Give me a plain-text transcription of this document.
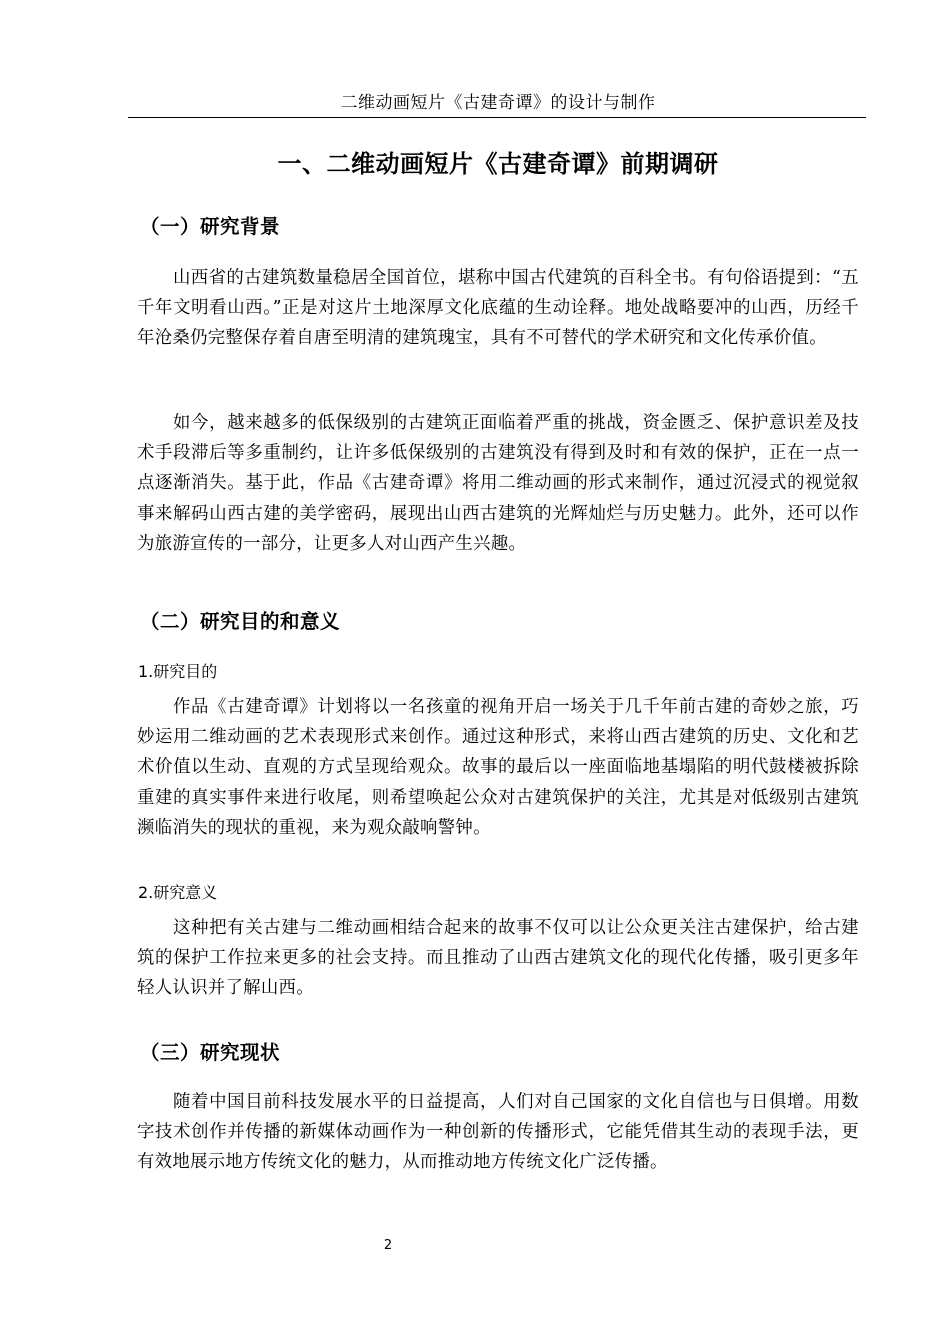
二维动画短片《古建奇谭》的设计与制作
一、二维动画短片《古建奇谭》前期调研
（一）研究背景

山西省的古建筑数量稳居全国首位，堪称中国古代建筑的百科全书。有句俗语提到：“五千年文明看山西。”正是对这片土地深厚文化底蕴的生动诠释。地处战略要冲的山西，历经千年沧桑仍完整保存着自唐至明清的建筑瑰宝，具有不可替代的学术研究和文化传承价值。

如今，越来越多的低保级别的古建筑正面临着严重的挑战，资金匮乏、保护意识差及技术手段滞后等多重制约，让许多低保级别的古建筑没有得到及时和有效的保护，正在一点一点逐渐消失。基于此，作品《古建奇谭》将用二维动画的形式来制作，通过沉浸式的视觉叙事来解码山西古建的美学密码，展现出山西古建筑的光辉灿烂与历史魅力。此外，还可以作为旅游宣传的一部分，让更多人对山西产生兴趣。

（二）研究目的和意义
1.研究目的

作品《古建奇谭》计划将以一名孩童的视角开启一场关于几千年前古建的奇妙之旅，巧妙运用二维动画的艺术表现形式来创作。通过这种形式，来将山西古建筑的历史、文化和艺术价值以生动、直观的方式呈现给观众。故事的最后以一座面临地基塌陷的明代鼓楼被拆除重建的真实事件来进行收尾，则希望唤起公众对古建筑保护的关注，尤其是对低级别古建筑濒临消失的现状的重视，来为观众敲响警钟。

2.研究意义

这种把有关古建与二维动画相结合起来的故事不仅可以让公众更关注古建保护，给古建筑的保护工作拉来更多的社会支持。而且推动了山西古建筑文化的现代化传播，吸引更多年轻人认识并了解山西。

（三）研究现状

随着中国目前科技发展水平的日益提高，人们对自己国家的文化自信也与日俱增。用数字技术创作并传播的新媒体动画作为一种创新的传播形式，它能凭借其生动的表现手法，更有效地展示地方传统文化的魅力，从而推动地方传统文化广泛传播。

2
